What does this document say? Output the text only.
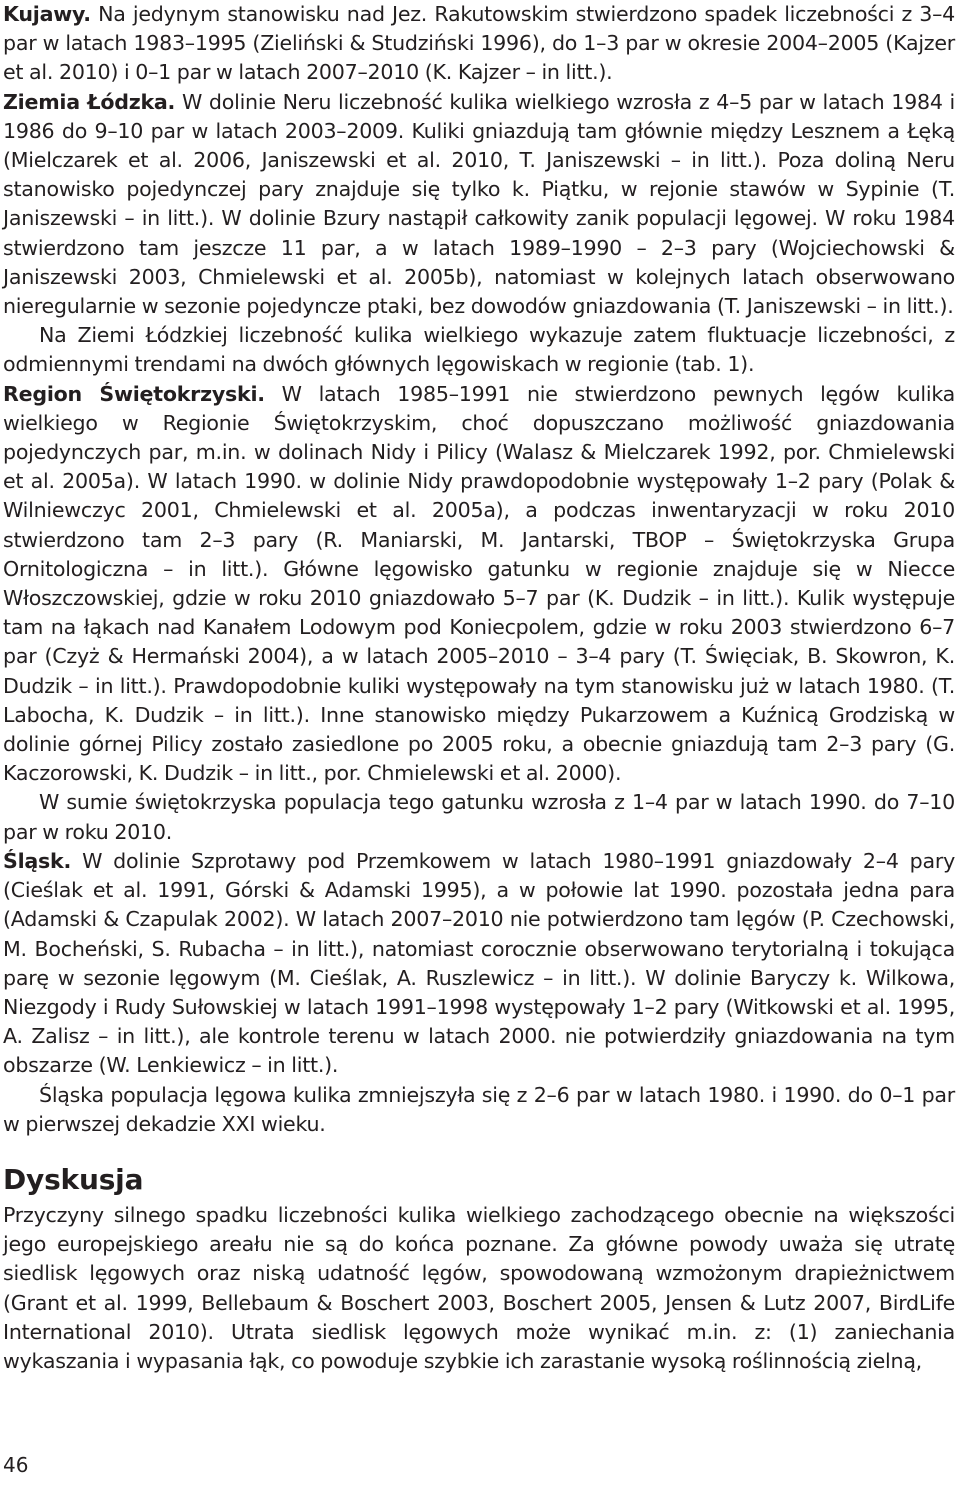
Kujawy. Na jedynym stanowisku nad Jez. Rakutowskim stwierdzono spadek liczebności z 3–4 par w latach 1983–1995 (Zieliński & Studziński 1996), do 1–3 par w okresie 2004–2005 (Kajzer et al. 2010) i 0–1 par w latach 2007–2010 (K. Kajzer – in litt.).

Ziemia Łódzka. W dolinie Neru liczebność kulika wielkiego wzrosła z 4–5 par w latach 1984 i 1986 do 9–10 par w latach 2003–2009. Kuliki gniazdują tam głównie między Lesznem a Łęką (Mielczarek et al. 2006, Janiszewski et al. 2010, T. Janiszewski – in litt.). Poza doliną Neru stanowisko pojedynczej pary znajduje się tylko k. Piątku, w rejonie stawów w Sypinie (T. Janiszewski – in litt.). W dolinie Bzury nastąpił całkowity zanik populacji lęgowej. W roku 1984 stwierdzono tam jeszcze 11 par, a w latach 1989–1990 – 2–3 pary (Wojciechowski & Janiszewski 2003, Chmielewski et al. 2005b), natomiast w kolejnych latach obserwowano nieregularnie w sezonie pojedyncze ptaki, bez dowodów gniazdowania (T. Janiszewski – in litt.).

Na Ziemi Łódzkiej liczebność kulika wielkiego wykazuje zatem fluktuacje liczebności, z odmiennymi trendami na dwóch głównych lęgowiskach w regionie (tab. 1).

Region Świętokrzyski. W latach 1985–1991 nie stwierdzono pewnych lęgów kulika wielkiego w Regionie Świętokrzyskim, choć dopuszczano możliwość gniazdowania pojedynczych par, m.in. w dolinach Nidy i Pilicy (Walasz & Mielczarek 1992, por. Chmielewski et al. 2005a). W latach 1990. w dolinie Nidy prawdopodobnie występowały 1–2 pary (Polak & Wilniewczyc 2001, Chmielewski et al. 2005a), a podczas inwentaryzacji w roku 2010 stwierdzono tam 2–3 pary (R. Maniarski, M. Jantarski, TBOP – Świętokrzyska Grupa Ornitologiczna – in litt.). Główne lęgowisko gatunku w regionie znajduje się w Niecce Włoszczowskiej, gdzie w roku 2010 gniazdowało 5–7 par (K. Dudzik – in litt.). Kulik występuje tam na łąkach nad Kanałem Lodowym pod Koniecpolem, gdzie w roku 2003 stwierdzono 6–7 par (Czyż & Hermański 2004), a w latach 2005–2010 – 3–4 pary (T. Święciak, B. Skowron, K. Dudzik – in litt.). Prawdopodobnie kuliki występowały na tym stanowisku już w latach 1980. (T. Labocha, K. Dudzik – in litt.). Inne stanowisko między Pukarzowem a Kuźnicą Grodziską w dolinie górnej Pilicy zostało zasiedlone po 2005 roku, a obecnie gniazdują tam 2–3 pary (G. Kaczorowski, K. Dudzik – in litt., por. Chmielewski et al. 2000).

W sumie świętokrzyska populacja tego gatunku wzrosła z 1–4 par w latach 1990. do 7–10 par w roku 2010.

Śląsk. W dolinie Szprotawy pod Przemkowem w latach 1980–1991 gniazdowały 2–4 pary (Cieślak et al. 1991, Górski & Adamski 1995), a w połowie lat 1990. pozostała jedna para (Adamski & Czapulak 2002). W latach 2007–2010 nie potwierdzono tam lęgów (P. Czechowski, M. Bocheński, S. Rubacha – in litt.), natomiast corocznie obserwowano terytorialną i tokująca parę w sezonie lęgowym (M. Cieślak, A. Ruszlewicz – in litt.). W dolinie Baryczy k. Wilkowa, Niezgody i Rudy Sułowskiej w latach 1991–1998 występowały 1–2 pary (Witkowski et al. 1995, A. Zalisz – in litt.), ale kontrole terenu w latach 2000. nie potwierdziły gniazdowania na tym obszarze (W. Lenkiewicz – in litt.).

Śląska populacja lęgowa kulika zmniejszyła się z 2–6 par w latach 1980. i 1990. do 0–1 par w pierwszej dekadzie XXI wieku.

Dyskusja

Przyczyny silnego spadku liczebności kulika wielkiego zachodzącego obecnie na większości jego europejskiego areału nie są do końca poznane. Za główne powody uważa się utratę siedlisk lęgowych oraz niską udatność lęgów, spowodowaną wzmożonym drapieżnictwem (Grant et al. 1999, Bellebaum & Boschert 2003, Boschert 2005, Jensen & Lutz 2007, BirdLife International 2010). Utrata siedlisk lęgowych może wynikać m.in. z: (1) zaniechania wykaszania i wypasania łąk, co powoduje szybkie ich zarastanie wysoką roślinnością zielną,

46
